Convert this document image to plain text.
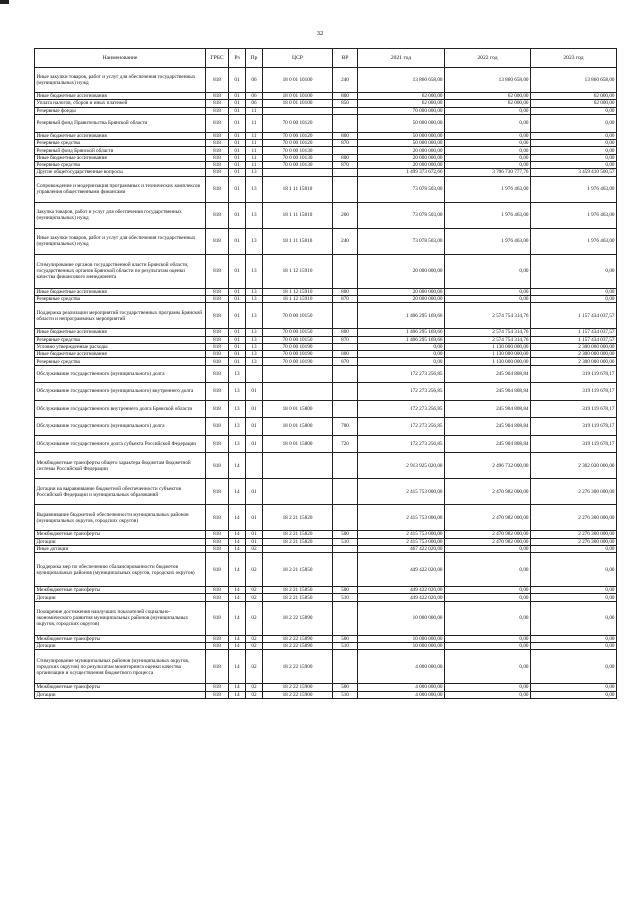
32
Наименование	ГРБС	Рз	Пр	ЦСР	ВР	2021 год	2022 год	2023 год
Иные закупки товаров, работ и услуг для обеспечения государственных (муниципальных) нужд	818	01	06	18 0 01 10100	240	13 860 658,00	13 860 658,00	13 860 658,00
Иные бюджетные ассигнования	818	01	06	18 0 01 10100	800	62 000,00	62 000,00	62 000,00
Уплата налогов, сборов и иных платежей	818	01	06	18 0 01 10100	850	62 000,00	62 000,00	62 000,00
Резервные фонды	818	01	11			70 000 000,00	0,00	0,00
Резервный фонд Правительства Брянской области	818	01	11	70 0 00 10120		50 000 000,00	0,00	0,00
Иные бюджетные ассигнования	818	01	11	70 0 00 10120	800	50 000 000,00	0,00	0,00
Резервные средства	818	01	11	70 0 00 10120	870	50 000 000,00	0,00	0,00
Резервный фонд Брянской области	818	01	11	70 0 00 10130		20 000 000,00	0,00	0,00
Иные бюджетные ассигнования	818	01	11	70 0 00 10130	800	20 000 000,00	0,00	0,00
Резервные средства	818	01	11	70 0 00 10130	870	20 000 000,00	0,00	0,00
Другие общегосударственные вопросы	818	01	13			1 499 373 672,66	3 706 730 777,76	3 459 410 500,57
Сопровождение и модернизация программных и технических комплексов управления общественными финансами	818	01	13	18 1 11 15810		73 078 503,00	1 976 463,00	1 976 463,00
Закупка товаров, работ и услуг для обеспечения государственных (муниципальных) нужд	818	01	13	18 1 11 15810	200	73 078 503,00	1 976 463,00	1 976 463,00
Иные закупки товаров, работ и услуг для обеспечения государственных (муниципальных) нужд	818	01	13	18 1 11 15810	240	73 078 503,00	1 976 463,00	1 976 463,00
Стимулирование органов государственной власти Брянской области, государственных органов Брянской области по результатам оценки качества финансового менеджмента	818	01	13	18 1 12 15910		20 000 000,00	0,00	0,00
Иные бюджетные ассигнования	818	01	13	18 1 12 15910	800	20 000 000,00	0,00	0,00
Резервные средства	818	01	13	18 1 12 15910	870	20 000 000,00	0,00	0,00
Поддержка реализации мероприятий государственных программ Брянской области и непрограммных мероприятий	818	01	13	70 0 00 10150		1 406 295 169,66	2 574 754 314,76	1 157 434 037,57
Иные бюджетные ассигнования	818	01	13	70 0 00 10150	800	1 406 295 169,66	2 574 754 314,76	1 157 434 037,57
Резервные средства	818	01	13	70 0 00 10150	870	1 406 295 169,66	2 574 754 314,76	1 157 434 037,57
Условно утвержденные расходы	818	01	13	70 0 00 10190		0,00	1 130 000 000,00	2 300 000 000,00
Иные бюджетные ассигнования	818	01	13	70 0 00 10190	800	0,00	1 130 000 000,00	2 300 000 000,00
Резервные средства	818	01	13	70 0 00 10190	870	0,00	1 130 000 000,00	2 300 000 000,00
Обслуживание государственного (муниципального) долга	818	13				172 273 256,85	245 904 808,84	319 119 678,17
Обслуживание государственного (муниципального) внутреннего долга	818	13	01			172 273 256,85	245 904 808,84	319 119 678,17
Обслуживание государственного внутреннего долга Брянской области	818	13	01	18 0 01 15800		172 273 256,85	245 904 808,84	319 119 678,17
Обслуживание государственного (муниципального) долга	818	13	01	18 0 01 15800	700	172 273 256,85	245 904 808,84	319 119 678,17
Обслуживание государственного долга субъекта Российской Федерации	818	13	01	18 0 01 15800	720	172 273 256,85	245 904 808,84	319 119 678,17
Межбюджетные трансферты общего характера бюджетам бюджетной системы Российской Федерации	818	14				2 913 925 020,00	2 496 732 000,00	2 302 030 000,00
Дотации на выравнивание бюджетной обеспеченности субъектов Российской Федерации и муниципальных образований	818	14	01			2 415 753 000,00	2 470 982 000,00	2 276 300 000,00
Выравнивание бюджетной обеспеченности муниципальных районов (муниципальных округов, городских округов)	818	14	01	18 2 21 15820		2 415 753 000,00	2 470 982 000,00	2 276 300 000,00
Межбюджетные трансферты	818	14	01	18 2 21 15820	500	2 415 753 000,00	2 470 982 000,00	2 276 300 000,00
Дотации	818	14	01	18 2 21 15820	510	2 415 753 000,00	2 470 982 000,00	2 276 300 000,00
Иные дотации	818	14	02			467 422 020,00	0,00	0,00
Поддержка мер по обеспечению сбалансированности бюджетов муниципальных районов (муниципальных округов, городских округов)	818	14	02	18 2 21 15850		449 422 020,00	0,00	0,00
Межбюджетные трансферты	818	14	02	18 2 21 15850	500	449 422 020,00	0,00	0,00
Дотации	818	14	02	18 2 21 15850	510	449 422 020,00	0,00	0,00
Поощрение достижения наилучших показателей социально-экономического развития муниципальных районов (муниципальных округов, городских округов)	818	14	02	18 2 22 15890		10 000 000,00	0,00	0,00
Межбюджетные трансферты	818	14	02	18 2 22 15890	500	10 000 000,00	0,00	0,00
Дотации	818	14	02	18 2 22 15890	510	10 000 000,00	0,00	0,00
Стимулирование муниципальных районов (муниципальных округов, городских округов) по результатам мониторинга оценки качества организации и осуществления бюджетного процесса	818	14	02	18 2 22 15900		4 000 000,00	0,00	0,00
Межбюджетные трансферты	818	14	02	18 2 22 15900	500	4 000 000,00	0,00	0,00
Дотации	818	14	02	18 2 22 15900	510	4 000 000,00	0,00	0,00
